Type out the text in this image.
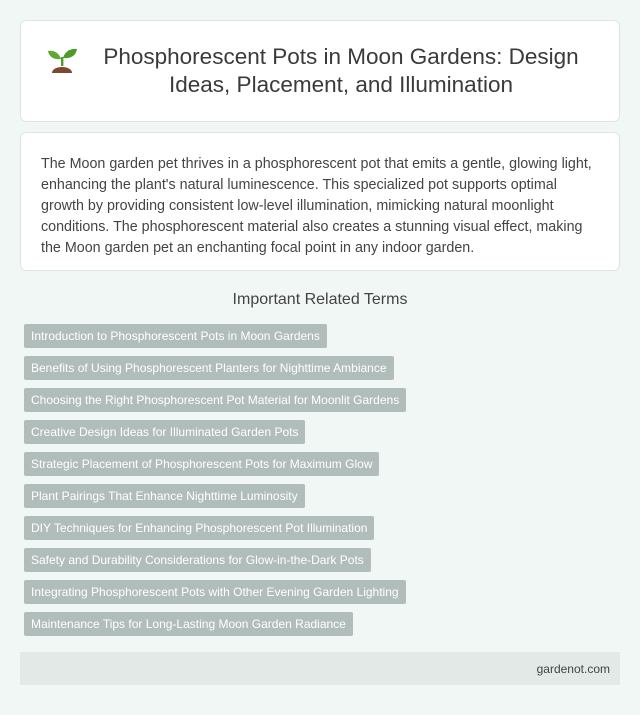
Phosphorescent Pots in Moon Gardens: Design Ideas, Placement, and Illumination

The Moon garden pet thrives in a phosphorescent pot that emits a gentle, glowing light, enhancing the plant's natural luminescence. This specialized pot supports optimal growth by providing consistent low-level illumination, mimicking natural moonlight conditions. The phosphorescent material also creates a stunning visual effect, making the Moon garden pet an enchanting focal point in any indoor garden.

Important Related Terms
Introduction to Phosphorescent Pots in Moon Gardens
Benefits of Using Phosphorescent Planters for Nighttime Ambiance
Choosing the Right Phosphorescent Pot Material for Moonlit Gardens
Creative Design Ideas for Illuminated Garden Pots
Strategic Placement of Phosphorescent Pots for Maximum Glow
Plant Pairings That Enhance Nighttime Luminosity
DIY Techniques for Enhancing Phosphorescent Pot Illumination
Safety and Durability Considerations for Glow-in-the-Dark Pots
Integrating Phosphorescent Pots with Other Evening Garden Lighting
Maintenance Tips for Long-Lasting Moon Garden Radiance
gardenot.com
